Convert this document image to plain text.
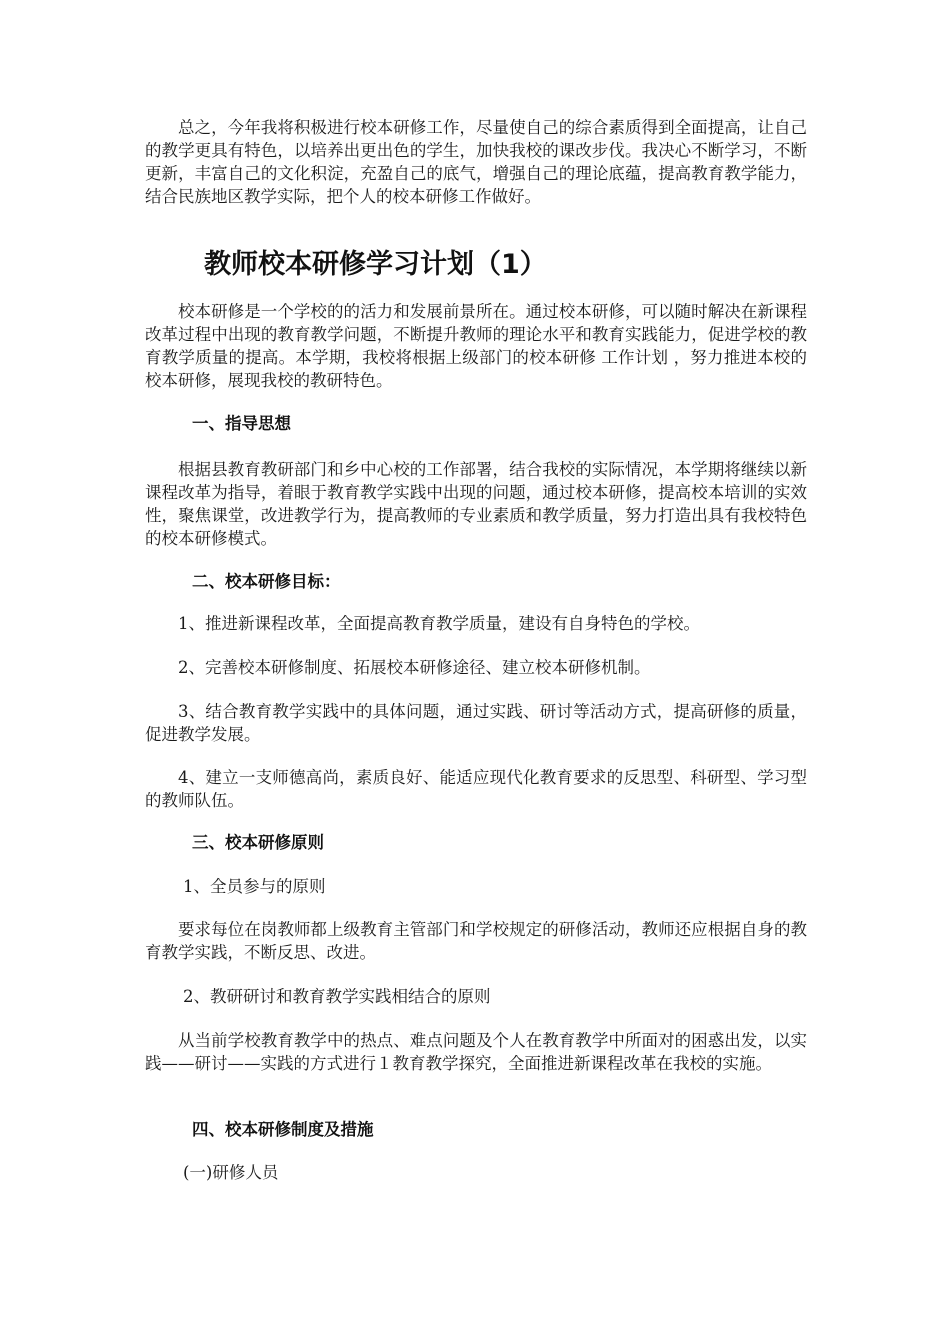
总之，今年我将积极进行校本研修工作，尽量使自己的综合素质得到全面提高，让自己的教学更具有特色，以培养出更出色的学生，加快我校的课改步伐。我决心不断学习，不断更新，丰富自己的文化积淀，充盈自己的底气，增强自己的理论底蕴，提高教育教学能力，结合民族地区教学实际，把个人的校本研修工作做好。

教师校本研修学习计划（1）

校本研修是一个学校的的活力和发展前景所在。通过校本研修，可以随时解决在新课程改革过程中出现的教育教学问题，不断提升教师的理论水平和教育实践能力，促进学校的教育教学质量的提高。本学期，我校将根据上级部门的校本研修 工作计划 ，努力推进本校的校本研修，展现我校的教研特色。

一、指导思想

根据县教育教研部门和乡中心校的工作部署，结合我校的实际情况，本学期将继续以新课程改革为指导，着眼于教育教学实践中出现的问题，通过校本研修，提高校本培训的实效性，聚焦课堂，改进教学行为，提高教师的专业素质和教学质量，努力打造出具有我校特色的校本研修模式。

二、校本研修目标：

1、推进新课程改革，全面提高教育教学质量，建设有自身特色的学校。

2、完善校本研修制度、拓展校本研修途径、建立校本研修机制。

3、结合教育教学实践中的具体问题，通过实践、研讨等活动方式，提高研修的质量，促进教学发展。

4、建立一支师德高尚，素质良好、能适应现代化教育要求的反思型、科研型、学习型的教师队伍。

三、校本研修原则

1、全员参与的原则

要求每位在岗教师都上级教育主管部门和学校规定的研修活动，教师还应根据自身的教育教学实践，不断反思、改进。

2、教研研讨和教育教学实践相结合的原则

从当前学校教育教学中的热点、难点问题及个人在教育教学中所面对的困惑出发，以实践——研讨——实践的方式进行１教育教学探究，全面推进新课程改革在我校的实施。

四、校本研修制度及措施

(一)研修人员
